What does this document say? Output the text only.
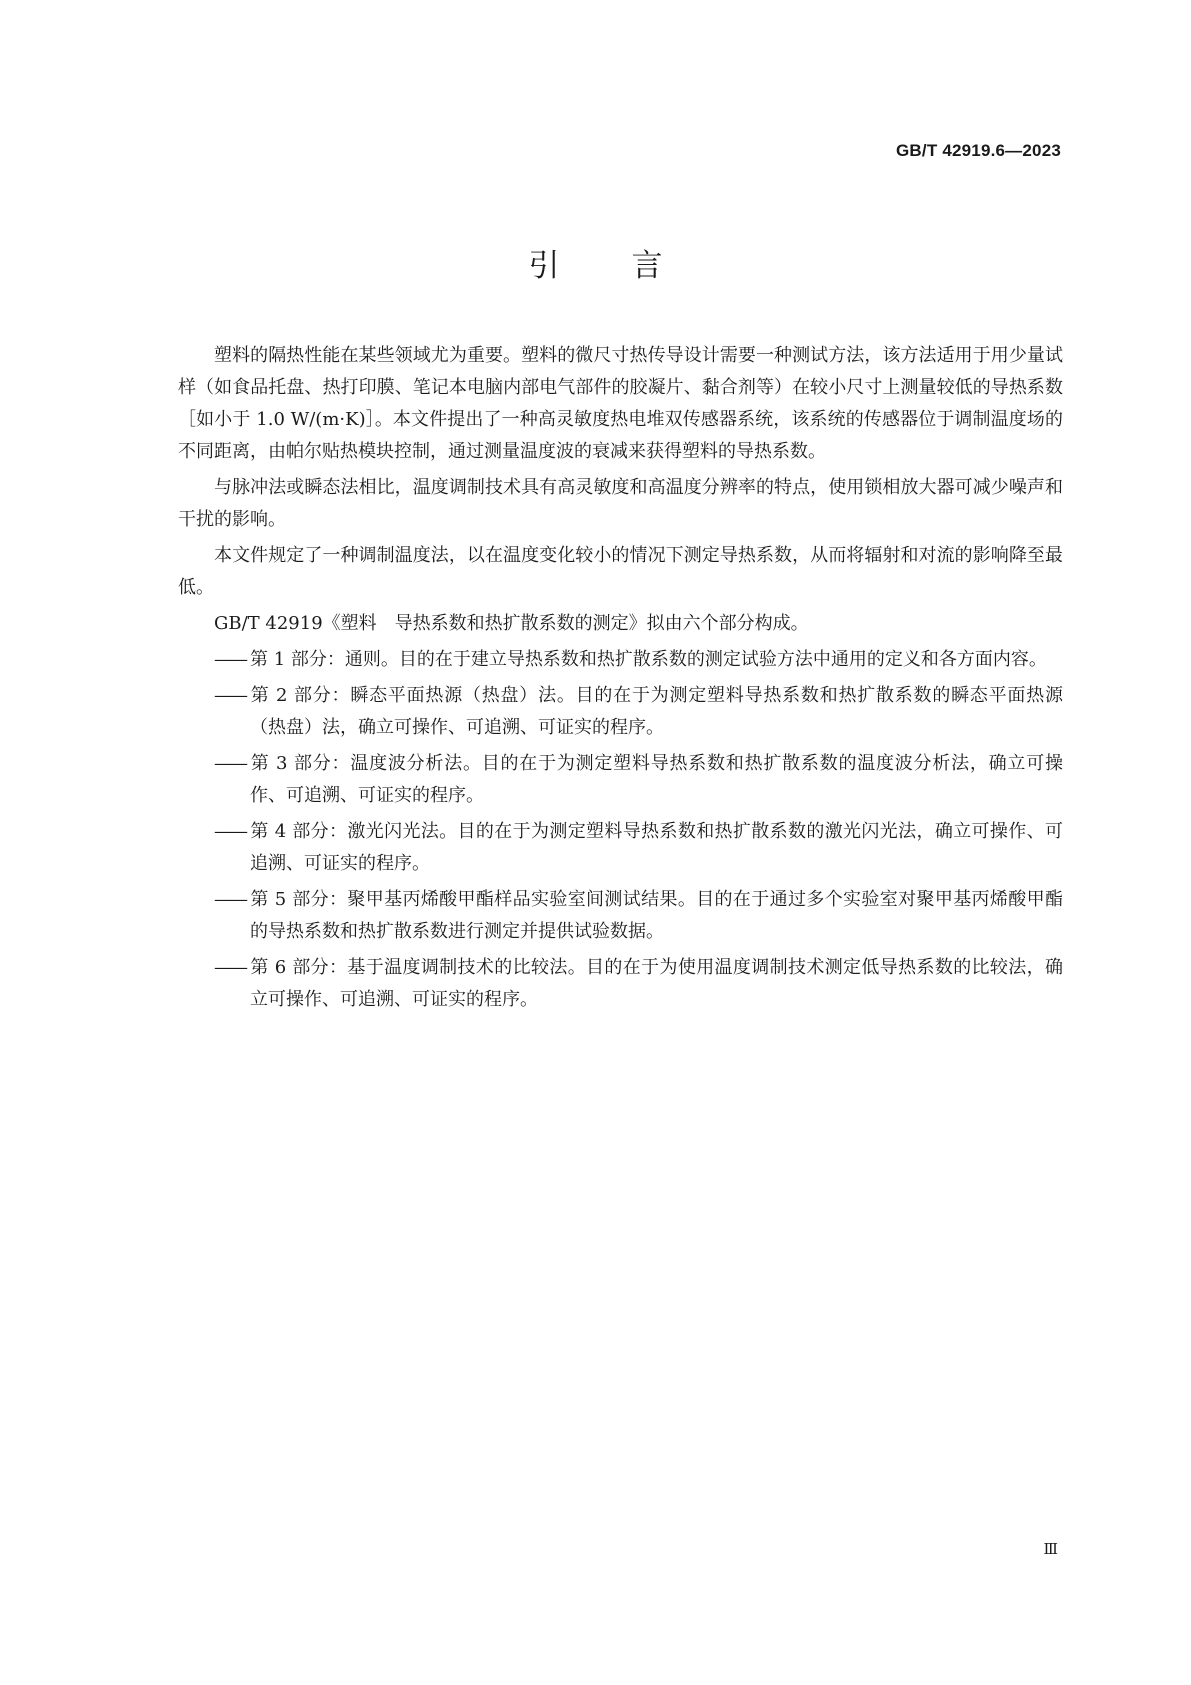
GB/T 42919.6—2023
引言

塑料的隔热性能在某些领域尤为重要。塑料的微尺寸热传导设计需要一种测试方法，该方法适用于用少量试样（如食品托盘、热打印膜、笔记本电脑内部电气部件的胶凝片、黏合剂等）在较小尺寸上测量较低的导热系数［如小于 1.0 W/(m·K)］。本文件提出了一种高灵敏度热电堆双传感器系统，该系统的传感器位于调制温度场的不同距离，由帕尔贴热模块控制，通过测量温度波的衰减来获得塑料的导热系数。

与脉冲法或瞬态法相比，温度调制技术具有高灵敏度和高温度分辨率的特点，使用锁相放大器可减少噪声和干扰的影响。

本文件规定了一种调制温度法，以在温度变化较小的情况下测定导热系数，从而将辐射和对流的影响降至最低。

GB/T 42919《塑料　导热系数和热扩散系数的测定》拟由六个部分构成。

—— 第 1 部分：通则。目的在于建立导热系数和热扩散系数的测定试验方法中通用的定义和各方面内容。
—— 第 2 部分：瞬态平面热源（热盘）法。目的在于为测定塑料导热系数和热扩散系数的瞬态平面热源（热盘）法，确立可操作、可追溯、可证实的程序。
—— 第 3 部分：温度波分析法。目的在于为测定塑料导热系数和热扩散系数的温度波分析法，确立可操作、可追溯、可证实的程序。
—— 第 4 部分：激光闪光法。目的在于为测定塑料导热系数和热扩散系数的激光闪光法，确立可操作、可追溯、可证实的程序。
—— 第 5 部分：聚甲基丙烯酸甲酯样品实验室间测试结果。目的在于通过多个实验室对聚甲基丙烯酸甲酯的导热系数和热扩散系数进行测定并提供试验数据。
—— 第 6 部分：基于温度调制技术的比较法。目的在于为使用温度调制技术测定低导热系数的比较法，确立可操作、可追溯、可证实的程序。
Ⅲ
